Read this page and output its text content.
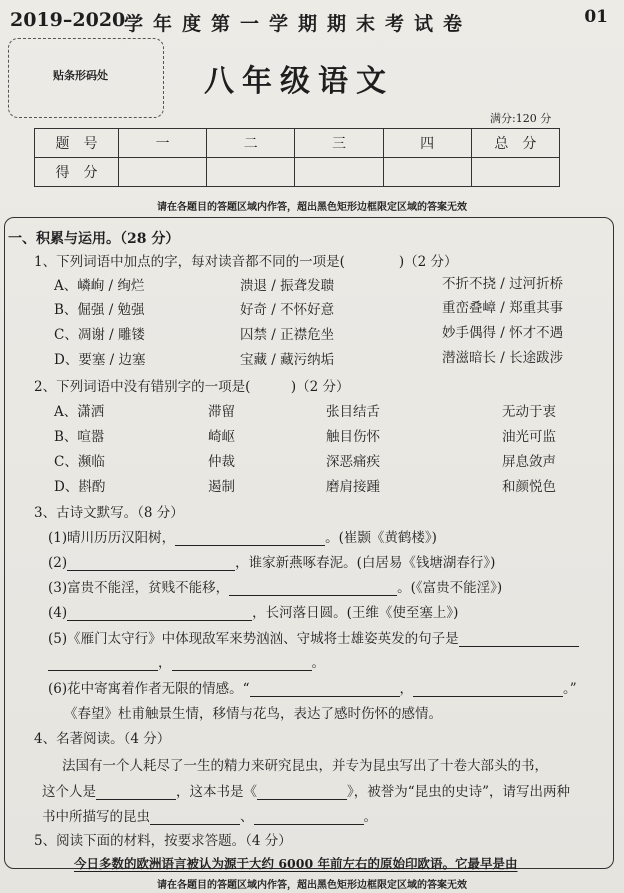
2019–2020
学年度第一学期期末考试卷	01
贴条形码处	八年级语文
满分:120 分
题　号	一	二	三	四	总　分
得　分					
请在各题目的答题区域内作答，超出黑色矩形边框限定区域的答案无效
一、积累与运用。（28 分）
1、下列词语中加点的字，每对读音都不同的一项是(　　　　)（2 分）
A、嶙峋 / 绚烂	溃退 / 振聋发聩	不折不挠 / 过河折桥
B、倔强 / 勉强	好奇 / 不怀好意	重峦叠嶂 / 郑重其事
C、凋谢 / 雕镂	囚禁 / 正襟危坐	妙手偶得 / 怀才不遇
D、要塞 / 边塞	宝藏 / 藏污纳垢	潜滋暗长 / 长途跋涉
2、下列词语中没有错别字的一项是(　　　)（2 分）
A、潇洒	滞留	张目结舌	无动于衷
B、喧嚣	崎岖	触目伤怀	油光可监
C、濒临	仲裁	深恶痛疾	屏息敛声
D、斟酌	遏制	磨肩接踵	和颜悦色
3、古诗文默写。（8 分）
(1)晴川历历汉阳树，	。(崔颢《黄鹤楼》)
(2)	，谁家新燕啄春泥。(白居易《钱塘湖春行》)
(3)富贵不能淫，贫贱不能移，	。(《富贵不能淫》)
(4)	，长河落日圆。(王维《使至塞上》)
(5)《雁门太守行》中体现敌军来势汹汹、守城将士雄姿英发的句子是
，	。
(6)花中寄寓着作者无限的情感。“	，	。”
《春望》杜甫触景生情，移情与花鸟，表达了感时伤怀的感情。
4、名著阅读。（4 分）
法国有一个人耗尽了一生的精力来研究昆虫，并专为昆虫写出了十卷大部头的书，
这个人是	，这本书是《	》，被誉为“昆虫的史诗”，请写出两种
书中所描写的昆虫	、	。
5、阅读下面的材料，按要求答题。（4 分）
今日多数的欧洲语言被认为源于大约 6000 年前左右的原始印欧语。它最早是由
请在各题目的答题区域内作答，超出黑色矩形边框限定区域的答案无效
